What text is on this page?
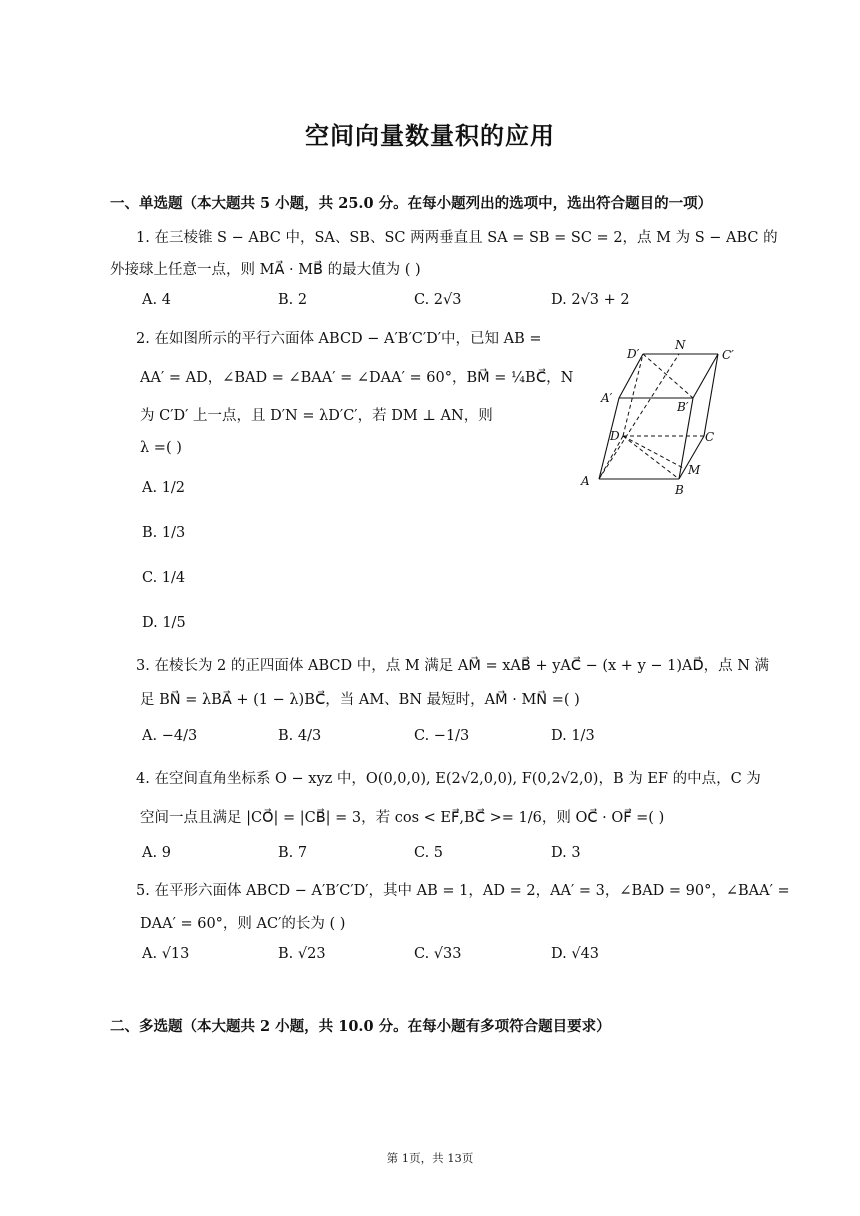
空间向量数量积的应用
一、单选题（本大题共 5 小题，共 25.0 分。在每小题列出的选项中，选出符合题目的一项）
1. 在三棱锥 S − ABC 中，SA、SB、SC 两两垂直且 SA = SB = SC = 2，点 M 为 S − ABC 的
外接球上任意一点，则 MA⃗ · MB⃗ 的最大值为 ( )
A. 4	B. 2	C. 2√3	D. 2√3 + 2
2. 在如图所示的平行六面体 ABCD − A′B′C′D′中，已知 AB =
AA′ = AD，∠BAD = ∠BAA′ = ∠DAA′ = 60°，BM⃗ = ¼BC⃗，N
为 C′D′ 上一点，且 D′N = λD′C′，若 DM ⊥ AN，则
λ =( )
A. 1/2
B. 1/3
C. 1/4
D. 1/5
D′
N
C′
A′
B′
D	C
A
B
M
3. 在棱长为 2 的正四面体 ABCD 中，点 M 满足 AM⃗ = xAB⃗ + yAC⃗ − (x + y − 1)AD⃗，点 N 满
足 BN⃗ = λBA⃗ + (1 − λ)BC⃗，当 AM、BN 最短时，AM⃗ · MN⃗ =( )
A. −4/3	B. 4/3	C. −1/3	D. 1/3
4. 在空间直角坐标系 O − xyz 中，O(0,0,0), E(2√2,0,0), F(0,2√2,0)，B 为 EF 的中点，C 为
空间一点且满足 |CO⃗| = |CB⃗| = 3，若 cos < EF⃗,BC⃗ >= 1/6，则 OC⃗ · OF⃗ =( )
A. 9	B. 7	C. 5	D. 3
5. 在平形六面体 ABCD − A′B′C′D′，其中 AB = 1，AD = 2，AA′ = 3，∠BAD = 90°，∠BAA′ =
DAA′ = 60°，则 AC′的长为 ( )
A. √13	B. √23	C. √33	D. √43
二、多选题（本大题共 2 小题，共 10.0 分。在每小题有多项符合题目要求）
第 1页，共 13页
